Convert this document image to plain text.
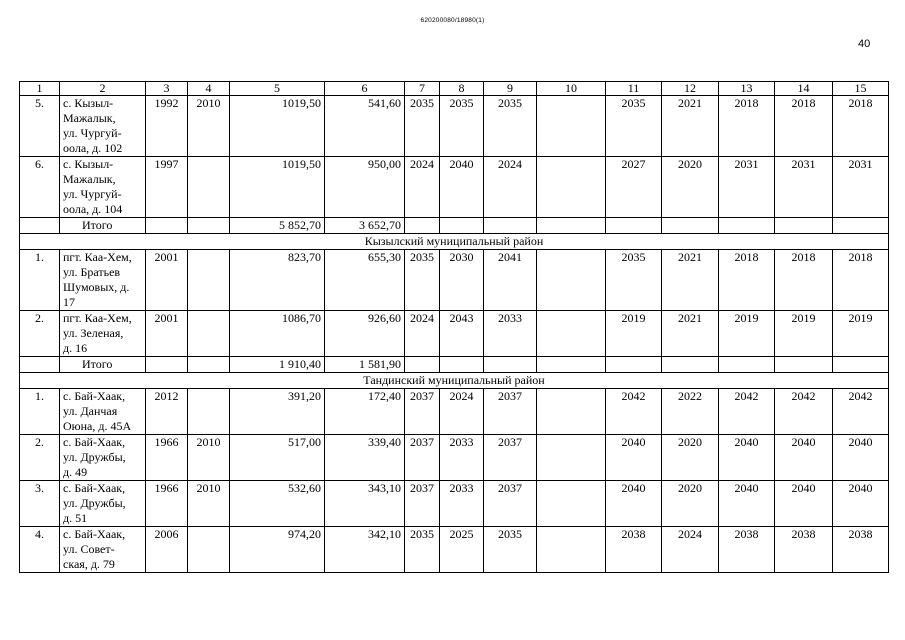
620200080/18980(1)
40
1	2	3	4	5	6	7	8	9	10	11	12	13	14	15
5.	с. Кызыл-
Мажалык,
ул. Чургуй-
оола, д. 102	1992	2010	1019,50	541,60	2035	2035	2035		2035	2021	2018	2018	2018
6.	с. Кызыл-
Мажалык,
ул. Чургуй-
оола, д. 104	1997		1019,50	950,00	2024	2040	2024		2027	2020	2031	2031	2031
	Итого			5 852,70	3 652,70									
Кызылский муниципальный район														
1.	пгт. Каа-Хем,
ул. Братьев
Шумовых, д.
17	2001		823,70	655,30	2035	2030	2041		2035	2021	2018	2018	2018
2.	пгт. Каа-Хем,
ул. Зеленая,
д. 16	2001		1086,70	926,60	2024	2043	2033		2019	2021	2019	2019	2019
	Итого			1 910,40	1 581,90									
Тандинский муниципальный район														
1.	с. Бай-Хаак,
ул. Данчая
Оюна, д. 45А	2012		391,20	172,40	2037	2024	2037		2042	2022	2042	2042	2042
2.	с. Бай-Хаак,
ул. Дружбы,
д. 49	1966	2010	517,00	339,40	2037	2033	2037		2040	2020	2040	2040	2040
3.	с. Бай-Хаак,
ул. Дружбы,
д. 51	1966	2010	532,60	343,10	2037	2033	2037		2040	2020	2040	2040	2040
4.	с. Бай-Хаак,
ул. Совет-
ская, д. 79	2006		974,20	342,10	2035	2025	2035		2038	2024	2038	2038	2038
